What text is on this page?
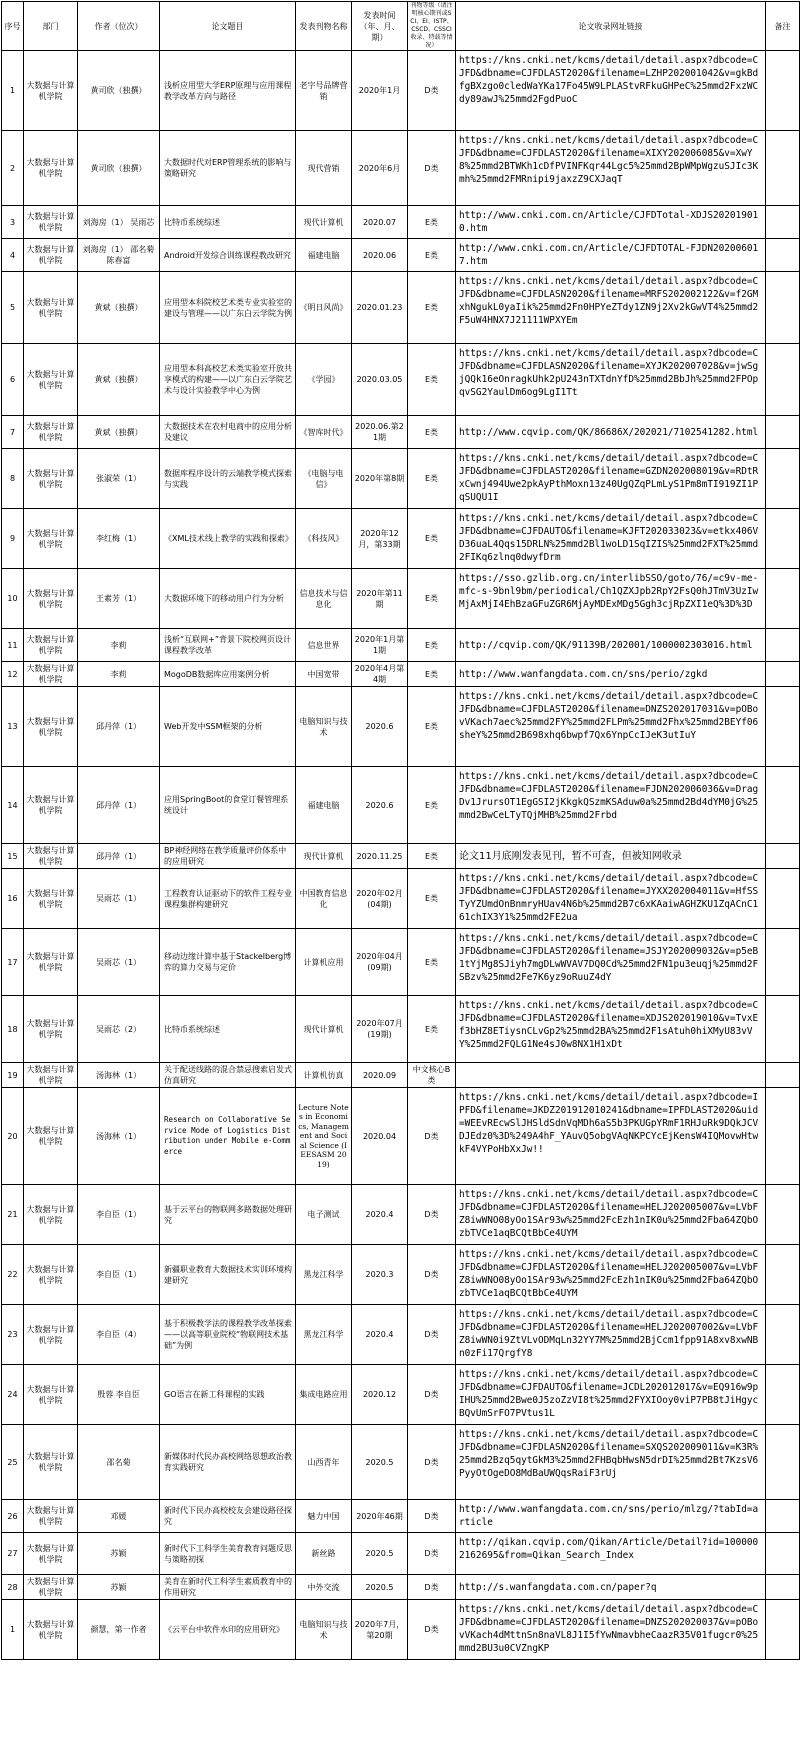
序号	部门	作者（位次）	论文题目	发表刊物名称	发表时间（年、月、期）	刊物等级（请注明核心期刊或SCI、EI、ISTP、CSCD、CSSCI收录、特载等情况）	论文收录网址链接	备注
1	大数据与计算机学院	黄司欣（独撰）	浅析应用型大学ERP原理与应用课程教学改革方向与路径	老字号品牌营销	2020年1月	D类	https://kns.cnki.net/kcms/detail/detail.aspx?dbcode=CJFD&dbname=CJFDLAST2020&filename=LZHP202001042&v=gkBdfgBXzgo0cledWaYKa17Fo45W9LPLAStvRFkuGHPeC%25mmd2FxzWCdy89awJ%25mmd2FgdPuoC	
2	大数据与计算机学院	黄司欣（独撰）	大数据时代对ERP管理系统的影响与策略研究	现代营销	2020年6月	D类	https://kns.cnki.net/kcms/detail/detail.aspx?dbcode=CJFD&dbname=CJFDLAST2020&filename=XIXY202006085&v=XwY8%25mmd2BTWKh1cDfPVINFKqr44Lgc5%25mmd2BpWMpWgzuSJIc3Kmh%25mmd2FMRnipi9jaxzZ9CXJaqT	
3	大数据与计算机学院	刘海房（1） 吴雨芯	比特币系统综述	现代计算机	2020.07	E类	http://www.cnki.com.cn/Article/CJFDTotal-XDJS202019010.htm	
4	大数据与计算机学院	刘海房（1） 邵名菊 陈春富	Android开发综合训练课程教改研究	福建电脑	2020.06	E类	http://www.cnki.com.cn/Article/CJFDTOTAL-FJDN202006017.htm	
5	大数据与计算机学院	黄斌（独撰）	应用型本科院校艺术类专业实验室的建设与管理——以广东白云学院为例	《明日风尚》	2020.01.23	E类	https://kns.cnki.net/kcms/detail/detail.aspx?dbcode=CJFD&dbname=CJFDLASN2020&filename=MRFS202002122&v=f2GMxhNgukL0yaIik%25mmd2Fn0HPYeZTdy1ZN9j2Xv2kGwVT4%25mmd2F5uW4HNX7J21111WPXYEm	
6	大数据与计算机学院	黄斌（独撰）	应用型本科高校艺术类实验室开放共享模式的构建——以广东白云学院艺术与设计实验教学中心为例	《学园》	2020.03.05	E类	https://kns.cnki.net/kcms/detail/detail.aspx?dbcode=CJFD&dbname=CJFDLASN2020&filename=XYJK202007028&v=jwSgjQQk16eOnragkUhk2pU243nTXTdnYfD%25mmd2BbJh%25mmd2FPOpqvSG2YaulDm6og9LgI1Tt	
7	大数据与计算机学院	黄斌（独撰）	大数据技术在农村电商中的应用分析及建议	《智库时代》	2020.06.第21期	E类	http://www.cqvip.com/QK/86686X/202021/7102541282.html	
8	大数据与计算机学院	张淑荣（1）	数据库程序设计的云端教学模式探索与实践	《电脑与电信》	2020年第8期	E类	https://kns.cnki.net/kcms/detail/detail.aspx?dbcode=CJFD&dbname=CJFDLAST2020&filename=GZDN202008019&v=RDtRxCwnj494Uwe2pkAyPthMoxn13z40UgQZqPLmLyS1Pm8mTI919ZI1PqSUQU1I	
9	大数据与计算机学院	李红梅（1）	《XML技术线上教学的实践和探索》	《科技风》	2020年12月，第33期	E类	https://kns.cnki.net/kcms/detail/detail.aspx?dbcode=CJFD&dbname=CJFDAUTO&filename=KJFT202033023&v=etkx406VD36uaL4Qqs15DRLN%25mmd2Bl1woLD1SqIZIS%25mmd2FXT%25mmd2FIKq6zlnq0dwyfDrm	
10	大数据与计算机学院	王素芳（1）	大数据环境下的移动用户行为分析	信息技术与信息化	2020年第11期	E类	https://sso.gzlib.org.cn/interlibSSO/goto/76/=c9v-me-mfc-s-9bnl9bm/periodical/Ch1QZXJpb2RpY2FsQ0hJTmV3UzIwMjAxMjI4EhBzaGFuZGR6MjAyMDExMDg5Ggh3cjRpZXI1eQ%3D%3D	
11	大数据与计算机学院	李莉	浅析“互联网+”背景下院校网页设计课程教学改革	信息世界	2020年1月第1期	E类	http://cqvip.com/QK/91139B/202001/1000002303016.html	
12	大数据与计算机学院	李莉	MogoDB数据库应用案例分析	中国宽带	2020年4月第4期	E类	http://www.wanfangdata.com.cn/sns/perio/zgkd	
13	大数据与计算机学院	邱丹萍（1）	Web开发中SSM框架的分析	电脑知识与技术	2020.6	E类	https://kns.cnki.net/kcms/detail/detail.aspx?dbcode=CJFD&dbname=CJFDLAST2020&filename=DNZS202017031&v=pOBovVKach7aec%25mmd2FY%25mmd2FLPm%25mmd2Fhx%25mmd2BEYf06sheY%25mmd2B698xhq6bwpf7Qx6YnpCcIJeK3utIuY	
14	大数据与计算机学院	邱丹萍（1）	应用SpringBoot的食堂订餐管理系统设计	福建电脑	2020.6	E类	https://kns.cnki.net/kcms/detail/detail.aspx?dbcode=CJFD&dbname=CJFDLAST2020&filename=FJDN202006036&v=DragDv1JrursOT1EgGSI2jKkgkQSzmKSAduw0a%25mmd2Bd4dYM0jG%25mmd2BwCeLTyTQjMHB%25mmd2Frbd	
15	大数据与计算机学院	邱丹萍（1）	BP神经网络在教学质量评价体系中的应用研究	现代计算机	2020.11.25	E类	论文11月底刚发表见刊，暂不可查，但被知网收录	
16	大数据与计算机学院	吴雨芯（1）	工程教育认证驱动下的软件工程专业课程集群构建研究	中国教育信息化	2020年02月(04期)	E类	https://kns.cnki.net/kcms/detail/detail.aspx?dbcode=CJFD&dbname=CJFDLAST2020&filename=JYXX202004011&v=HfSSTyYZUmdOnBnmryHUav4N6b%25mmd2B7c6xKAaiwAGHZKU1ZqACnC161chIX3Y1%25mmd2FE2ua	
17	大数据与计算机学院	吴雨芯（1）	移动边缘计算中基于Stackelberg博弈的算力交易与定价	计算机应用	2020年04月(09期)	E类	https://kns.cnki.net/kcms/detail/detail.aspx?dbcode=CJFD&dbname=CJFDLAST2020&filename=JSJY202009032&v=p5eB1tYjMg8SJiyh7mgDLwWVAV7DQ0Cd%25mmd2FN1pu3euqj%25mmd2FSBzv%25mmd2Fe7K6yz9oRuuZ4dY	
18	大数据与计算机学院	吴雨芯（2）	比特币系统综述	现代计算机	2020年07月(19期)	E类	https://kns.cnki.net/kcms/detail/detail.aspx?dbcode=CJFD&dbname=CJFDLAST2020&filename=XDJS202019010&v=TvxEf3bHZ8ETiysnCLvGp2%25mmd2BA%25mmd2F1sAtuh0hiXMyU83vVY%25mmd2FQLG1Ne4sJ0w8NX1H1xDt	
19	大数据与计算机学院	汤海林（1）	关于配送线路的混合禁忌搜索启发式仿真研究	计算机仿真	2020.09	中文核心B类		
20	大数据与计算机学院	汤海林（1）	Research on Collaborative Service Mode of Logistics Distribution under Mobile e-Commerce	Lecture Notes in Economics, Management and Social Science (IEESASM 2019)	2020.04	D类	https://kns.cnki.net/kcms/detail/detail.aspx?dbcode=IPFD&filename=JKDZ201912010241&dbname=IPFDLAST2020&uid=WEEvREcwSlJHSldSdnVqMDh6aS5b3PKUGpYRmF1RHJuRk9DQkJCVDJEdz0%3D%249A4hF_YAuvQ5obgVAqNKPCYcEjKensW4IQMovwHtwkF4VYPoHbXxJw!!	
21	大数据与计算机学院	李自臣（1）	基于云平台的物联网多路数据处理研究	电子测试	2020.4	D类	https://kns.cnki.net/kcms/detail/detail.aspx?dbcode=CJFD&dbname=CJFDLAST2020&filename=HELJ202005007&v=LVbFZ8iwWNO08yOo1SAr93w%25mmd2FcEzh1nIK0u%25mmd2Fba64ZQbOzbTVCe1aqBCQtBbCe4UYM	
22	大数据与计算机学院	李自臣（1）	新疆职业教育大数据技术实训环境构建研究	黑龙江科学	2020.3	D类	https://kns.cnki.net/kcms/detail/detail.aspx?dbcode=CJFD&dbname=CJFDLAST2020&filename=HELJ202005007&v=LVbFZ8iwWNO08yOo1SAr93w%25mmd2FcEzh1nIK0u%25mmd2Fba64ZQbOzbTVCe1aqBCQtBbCe4UYM	
23	大数据与计算机学院	李自臣（4）	基于积极教学法的课程教学改革探索——以高等职业院校“物联网技术基础”为例	黑龙江科学	2020.4	D类	https://kns.cnki.net/kcms/detail/detail.aspx?dbcode=CJFD&dbname=CJFDLAST2020&filename=HELJ202007002&v=LVbFZ8iwWN0i9ZtVLvODMqLn32YY7M%25mmd2BjCcm1fpp91A8xv8xwNBn0zFi17QrgfY8	
24	大数据与计算机学院	殷蓉 李自臣	GO语言在新工科课程的实践	集成电路应用	2020.12	D类	https://kns.cnki.net/kcms/detail/detail.aspx?dbcode=CJFD&dbname=CJFDAUTO&filename=JCDL202012017&v=EQ916w9pIHU%25mmd2Bwe0J5zoZzVI8t%25mmd2FYXIOoy0viP7PB8tJiHgycBQvUmSrFO7PVtus1L	
25	大数据与计算机学院	邵名菊	新媒体时代民办高校网络思想政治教育实践研究	山西青年	2020.5	D类	https://kns.cnki.net/kcms/detail/detail.aspx?dbcode=CJFD&dbname=CJFDLASN2020&filename=SXQS202009011&v=K3R%25mmd2Bzq5qytGkM3%25mmd2FHBqbHwsN5drDI%25mmd2Bt7KzsV6PyyOtOgeDO8MdBaUWQqsRaiF3rUj	
26	大数据与计算机学院	邓媛	新时代下民办高校校友会建设路径探究	魅力中国	2020年46期	D类	http://www.wanfangdata.com.cn/sns/perio/mlzg/?tabId=article	
27	大数据与计算机学院	苏颖	新时代下工科学生美育教育问题反思与策略初探	新丝路	2020.5	D类	http://qikan.cqvip.com/Qikan/Article/Detail?id=1000002162695&from=Qikan_Search_Index	
28	大数据与计算机学院	苏颖	美育在新时代工科学生素质教育中的作用研究	中外交流	2020.5	D类	http://s.wanfangdata.com.cn/paper?q	
1	大数据与计算机学院	颜慧，第一作者	《云平台中软件水印的应用研究》	电脑知识与技术	2020年7月，第20期	D类	https://kns.cnki.net/kcms/detail/detail.aspx?dbcode=CJFD&dbname=CJFDLAST2020&filename=DNZS202020037&v=pOBovVKach4dMttnSn8naVL8J1I5fYwNmavbheCaazR35V01fugcr0%25mmd2BU3u0CVZngKP	
